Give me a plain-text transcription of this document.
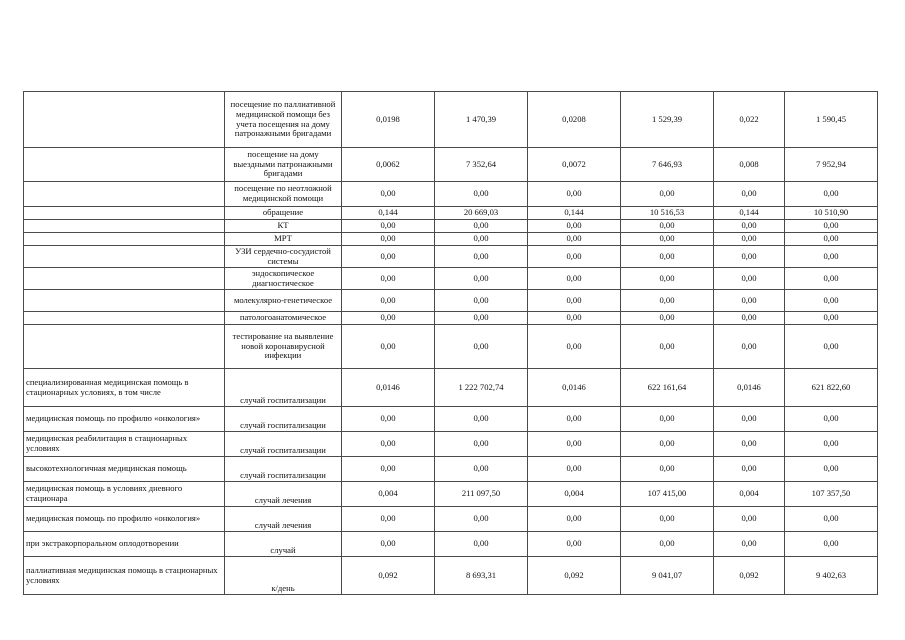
	посещение по паллиативной медицинской помощи без учета посещения на дому патронажными бригадами	0,0198	1 470,39	0,0208	1 529,39	0,022	1 590,45
	посещение на дому выездными патронажными бригадами	0,0062	7 352,64	0,0072	7 646,93	0,008	7 952,94
	посещение по неотложной медицинской помощи	0,00	0,00	0,00	0,00	0,00	0,00
	обращение	0,144	20 669,03	0,144	10 516,53	0,144	10 510,90
	КТ	0,00	0,00	0,00	0,00	0,00	0,00
	МРТ	0,00	0,00	0,00	0,00	0,00	0,00
	УЗИ сердечно-сосудистой системы	0,00	0,00	0,00	0,00	0,00	0,00
	эндоскопическое диагностическое	0,00	0,00	0,00	0,00	0,00	0,00
	молекулярно-генетическое	0,00	0,00	0,00	0,00	0,00	0,00
	патологоанатомическое	0,00	0,00	0,00	0,00	0,00	0,00
	тестирование на выявление новой коронавирусной инфекции	0,00	0,00	0,00	0,00	0,00	0,00
специализированная медицинская помощь в стационарных условиях, в том числе	случай госпитализации	0,0146	1 222 702,74	0,0146	622 161,64	0,0146	621 822,60
медицинская помощь по профилю «онкология»	случай госпитализации	0,00	0,00	0,00	0,00	0,00	0,00
медицинская реабилитация в стационарных условиях	случай госпитализации	0,00	0,00	0,00	0,00	0,00	0,00
высокотехнологичная медицинская помощь	случай госпитализации	0,00	0,00	0,00	0,00	0,00	0,00
медицинская помощь в условиях дневного стационара	случай лечения	0,004	211 097,50	0,004	107 415,00	0,004	107 357,50
медицинская помощь по профилю «онкология»	случай лечения	0,00	0,00	0,00	0,00	0,00	0,00
при экстракорпоральном оплодотворении	случай	0,00	0,00	0,00	0,00	0,00	0,00
паллиативная медицинская помощь в стационарных условиях	к/день	0,092	8 693,31	0,092	9 041,07	0,092	9 402,63
